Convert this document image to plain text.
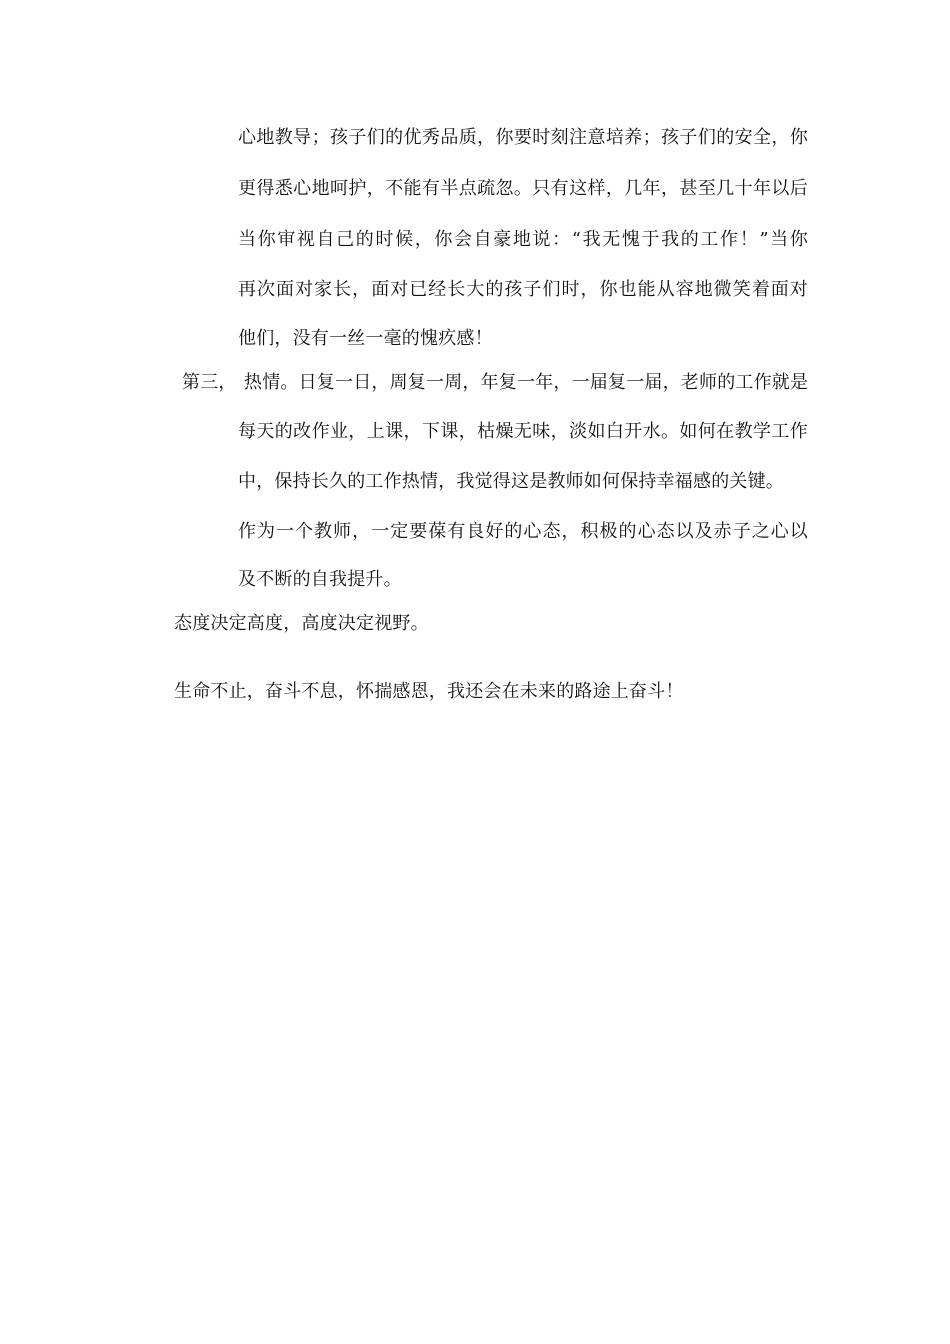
心地教导；孩子们的优秀品质，你要时刻注意培养；孩子们的安全，你
更得悉心地呵护，不能有半点疏忽。只有这样，几年，甚至几十年以后
当你审视自己的时候，你会自豪地说：“我无愧于我的工作！”当你
再次面对家长，面对已经长大的孩子们时，你也能从容地微笑着面对
他们，没有一丝一毫的愧疚感！
第三， 热情。日复一日，周复一周，年复一年，一届复一届，老师的工作就是
每天的改作业，上课，下课，枯燥无味，淡如白开水。如何在教学工作
中，保持长久的工作热情，我觉得这是教师如何保持幸福感的关键。
作为一个教师，一定要葆有良好的心态，积极的心态以及赤子之心以
及不断的自我提升。
态度决定高度，高度决定视野。
生命不止，奋斗不息，怀揣感恩，我还会在未来的路途上奋斗！
